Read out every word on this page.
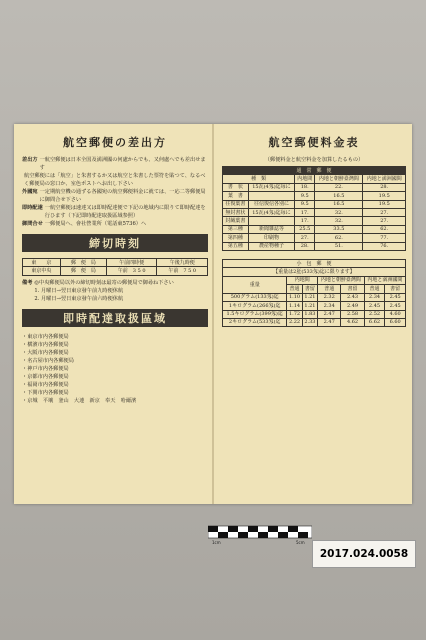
航空郵便の差出方
差出方 一航空郵便は日本全国及満洲國の何處からでも、又何處へでも差出せます
航空郵便には「航空」と朱書するか又は航空と朱書した票符を貼つて、なるべく郵便局の窓口か、室色ポストへお出し下さい
外國宛 一定期航空機の通ずる各國宛の航空郵便料金に就ては、一応二等郵便局に御問合せ下さい
即時配達 一航空郵便は速達又は即時配達便で下記の地域内に限りて即時配達を行ひます（下記即時配達取扱區域参照）
御問合せ 一郵便局へ、會社營業所（電話東5736）へ
締切時刻
東　　京	郵　便　局	午前四時便	午後九時便
東京中央	郵　便　局	午前　3 5 0	午前　7 5 0
備考 ◎中央郵便局以外の締切時刻は最寄の郵便局で御尋ね下さい
1. 月曜日→翌日東京發午前九時便休航
2. 月曜日→翌日東京發午前六時便休航
即時配達取扱區域
・東京市内各郵便局
・横濱市内各郵便局
・大阪市内各郵便局
・名古屋市内各郵便局
・神戸市内各郵便局
・京都市内各郵便局
・福岡市内各郵便局
・下関市内各郵便局
・京城　平壤　釜山　大連　新京　奉天　哈爾濱
航空郵便料金表
（郵便料金と航空料金を加算したるもの）
通　常　郵　便				
種　類		内地間	内地と朝鮮臺灣間	内地と満洲國間
書　状	15瓦(4匁)迄毎に	18.	22.	28.
葉　書		9.5	16.5	19.5
往復葉書	往信復信各別に	9.5	16.5	19.5
無封書状	15瓦(4匁)迄毎に	17.	32.	27.
封緘葉書		17.	32.	27.
第三種	新聞雜誌等	25.5	33.5	62.
第四種	印刷物	27.	62.	77.
第五種	農産物種子	28.	51.	76.
小　包　郵　便						
【重量は2瓩(533匁)迄に限ります】						
重量	内地間		内地と朝鮮臺灣間		内地と満洲國間	
	普通	書留	普通	書留	普通	書留
500グラム(133匁)迄	1.10	1.21	2.32	2.43	2.34	2.45
1キログラム(266匁)迄	1.14	1.21	2.34	2.49	2.45	2.45
1.5キログラム(399匁)迄	1.72	1.83	2.47	2.58	2.52	4.60
2キログラム(533匁)迄	2.22	2.33	2.47	4.62	6.62	6.60
1cm	5cm
2017.024.0058
